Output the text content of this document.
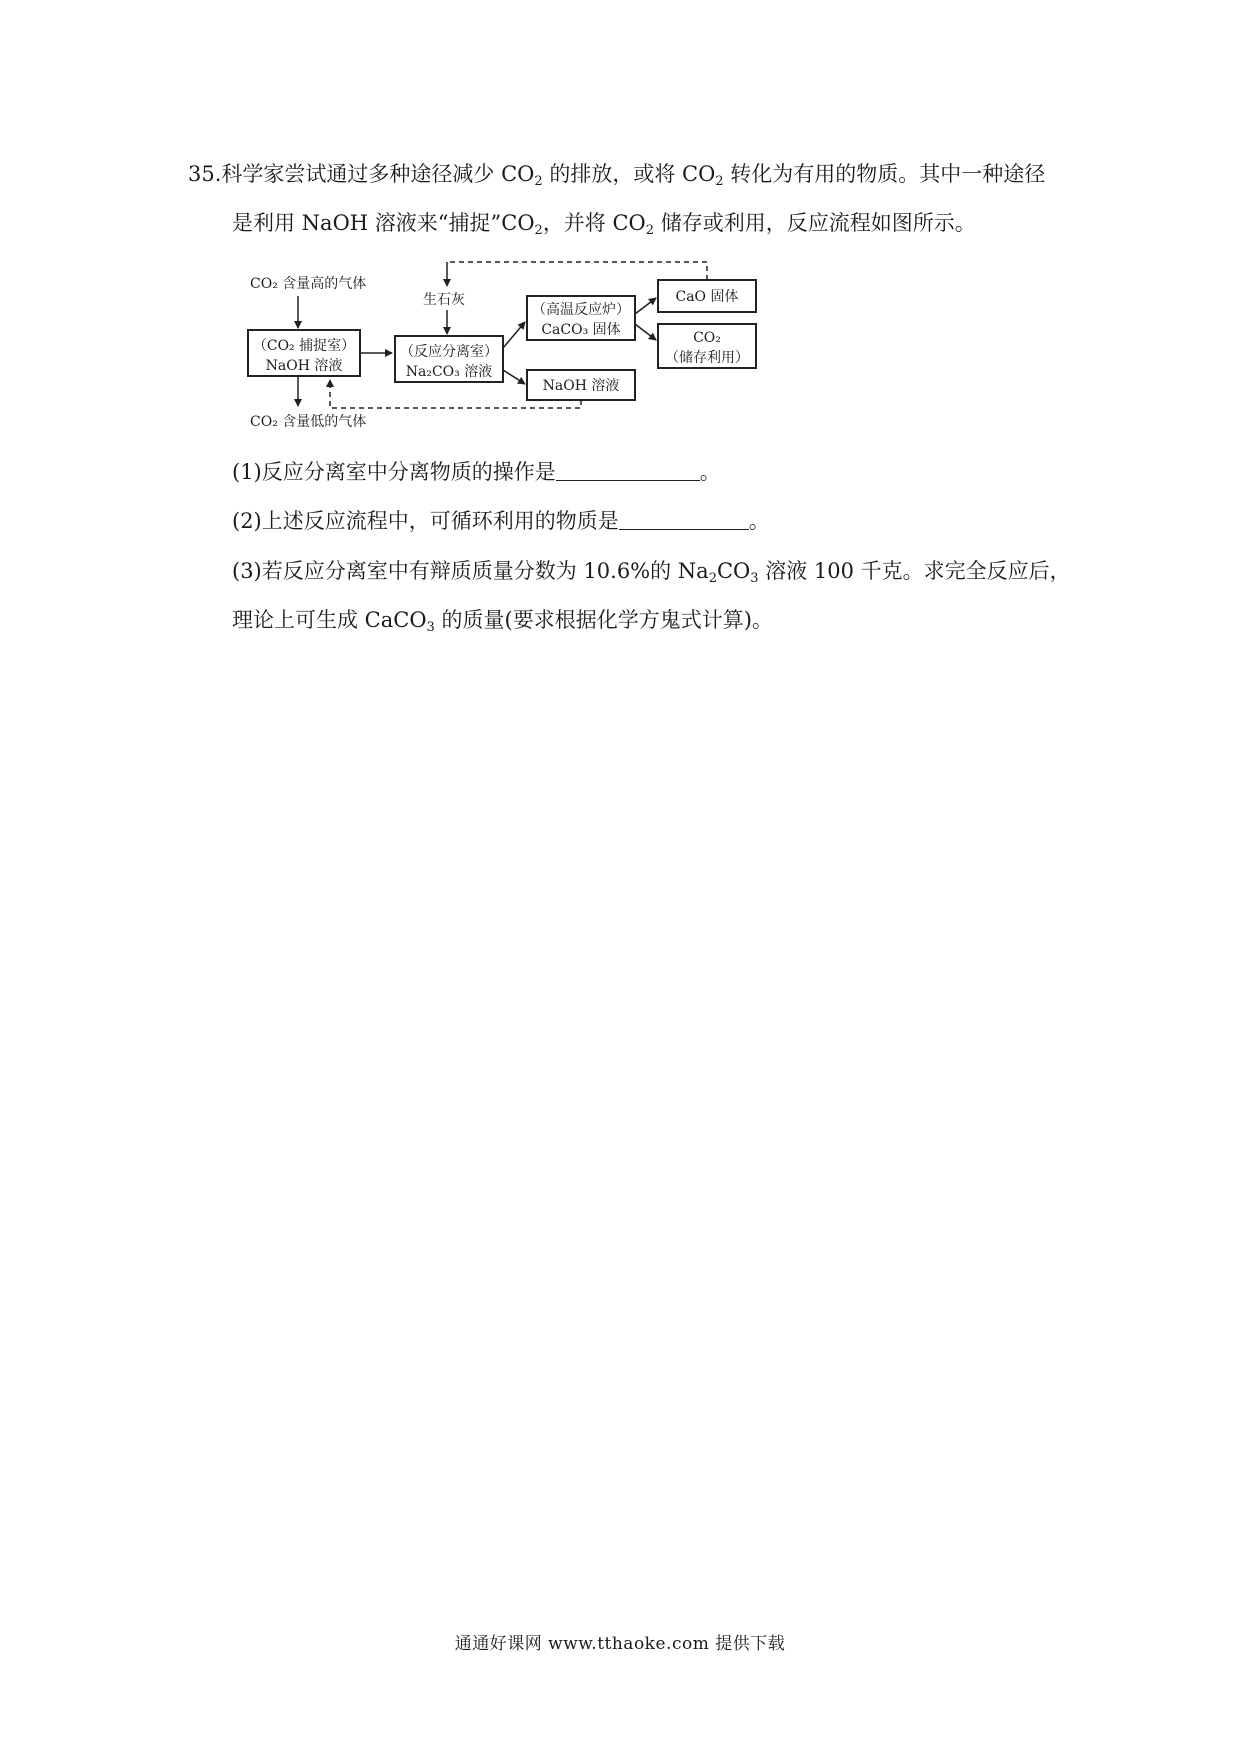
35.科学家尝试通过多种途径减少 $CO_2$ 的排放，或将 $CO_2$ 转化为有用的物质。其中一种途径
是利用 NaOH 溶液来“捕捉$”CO_2$，并将 $CO_2$ 储存或利用，反应流程如图所示。
CO₂ 含量高的气体
（CO₂ 捕捉室）
NaOH 溶液
生石灰
（反应分离室）
Na₂CO₃ 溶液
（高温反应炉）
CaCO₃ 固体
CaO 固体
CO₂
（储存利用）
NaOH 溶液
CO₂ 含量低的气体
(1)反应分离室中分离物质的操作是	。
(2)上述反应流程中，可循环利用的物质是	。
(3)若反应分离室中有辩质质量分数为 10.6%的 $Na_2CO_3$ 溶液 100 千克。求完全反应后，
理论上可生成 CaCO$_3$ 的质量(要求根据化学方鬼式计算)。
通通好课网 www.tthaoke.com 提供下载
